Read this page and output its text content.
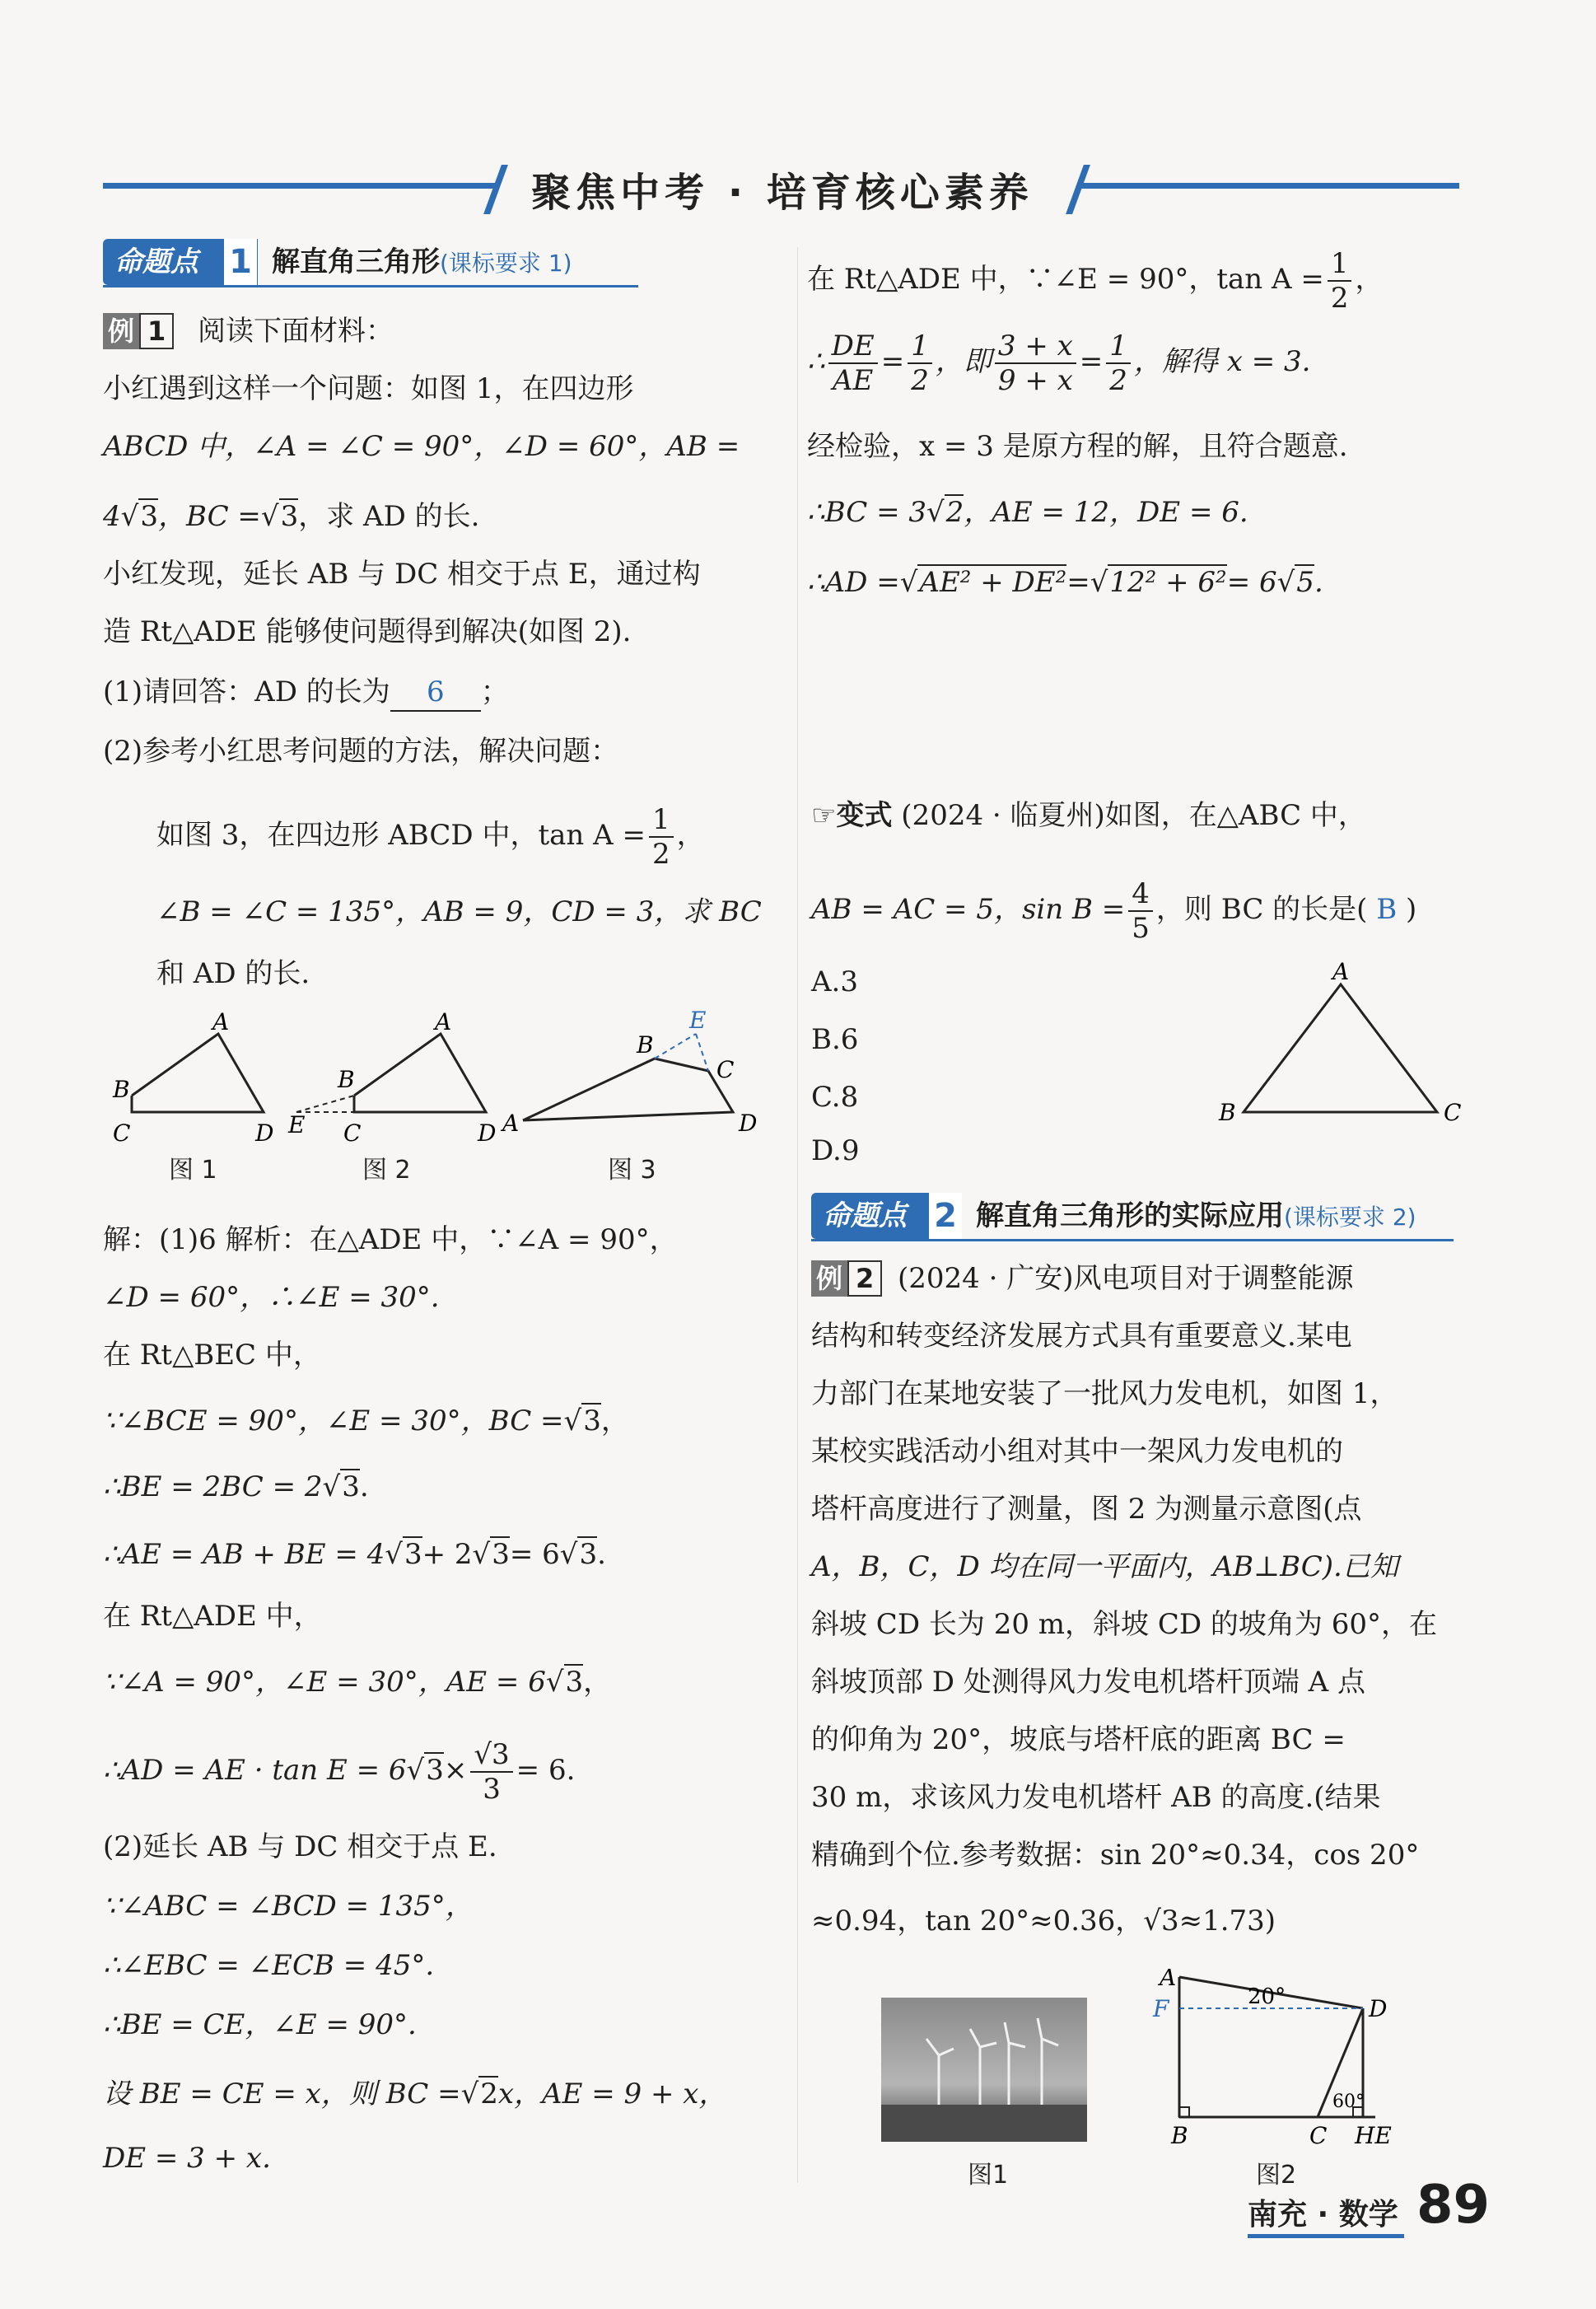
聚焦中考 · 培育核心素养
命题点 1 解直角三角形(课标要求 1)
例 1 阅读下面材料：
小红遇到这样一个问题：如图 1，在四边形
ABCD 中，∠A = ∠C = 90°，∠D = 60°，AB =
4√3，BC =√3，求 AD 的长.
小红发现，延长 AB 与 DC 相交于点 E，通过构
造 Rt△ADE 能够使问题得到解决(如图 2).
(1)请回答：AD 的长为 6 ；
(2)参考小红思考问题的方法，解决问题：
如图 3，在四边形 ABCD 中，$\tan A = \frac{1}{2}$ ，
∠B = ∠C = 135°，AB = 9，CD = 3，求 BC
和 AD 的长.
A
B
C	D
A
B
C	D
E
E
B
C
A	D
图 1	图 2	图 3
解：(1)6 解析：在△ADE 中，∵∠A = 90°，
∠D = 60°，∴∠E = 30°.
在 Rt△BEC 中，
∵∠BCE = 90°，∠E = 30°，BC =√3，
∴BE = 2BC = 2√3.
∴AE = AB + BE = 4√3+ 2√3= 6√3.
在 Rt△ADE 中，
∵∠A = 90°，∠E = 30°，AE = 6√3，
∴AD = AE · $\tan E = 6√3\times \frac{√3}{3} = 6$.
(2)延长 AB 与 DC 相交于点 E.
∵∠ABC = ∠BCD = 135°，
∴∠EBC = ∠ECB = 45°.
∴BE = CE，∠E = 90°.
设 BE = CE = x，则 BC =√2x，AE = 9 + x，
DE = 3 + x.
在 Rt△ADE 中，∵∠E = 90°，$\tan A = \frac{1}{2}$ ，
∴ $\frac{DE}{AE} = \frac{1}{2}$ ，即 $\frac{3 + x}{9 + x} = \frac{1}{2}$ ，解得 x = 3.
经检验，x = 3 是原方程的解，且符合题意.
∴BC = 3√2，AE = 12，DE = 6.
∴AD =√AE² + DE²=√12² + 6²= 6√5.
☞变式 (2024 · 临夏州)如图，在△ABC 中，
AB = AC = 5，$\sin B = \frac{4}{5}$ ，则 BC 的长是( B )
A.3
B.6
C.8
D.9
A
B	C
命题点 2 解直角三角形的实际应用(课标要求 2)
例 2 (2024 · 广安)风电项目对于调整能源
结构和转变经济发展方式具有重要意义.某电
力部门在某地安装了一批风力发电机，如图 1，
某校实践活动小组对其中一架风力发电机的
塔杆高度进行了测量，图 2 为测量示意图(点
A，B，C，D 均在同一平面内，AB⊥BC).已知
斜坡 CD 长为 20 m，斜坡 CD 的坡角为 60°，在
斜坡顶部 D 处测得风力发电机塔杆顶端 A 点
的仰角为 20°，坡底与塔杆底的距离 BC =
30 m，求该风力发电机塔杆 AB 的高度.(结果
精确到个位.参考数据：sin 20°≈0.34，cos 20°
≈0.94，tan 20°≈0.36，√3≈1.73)
A
F	20°	D
60°
B	C HE
图1	图2
南充 · 数学 89
